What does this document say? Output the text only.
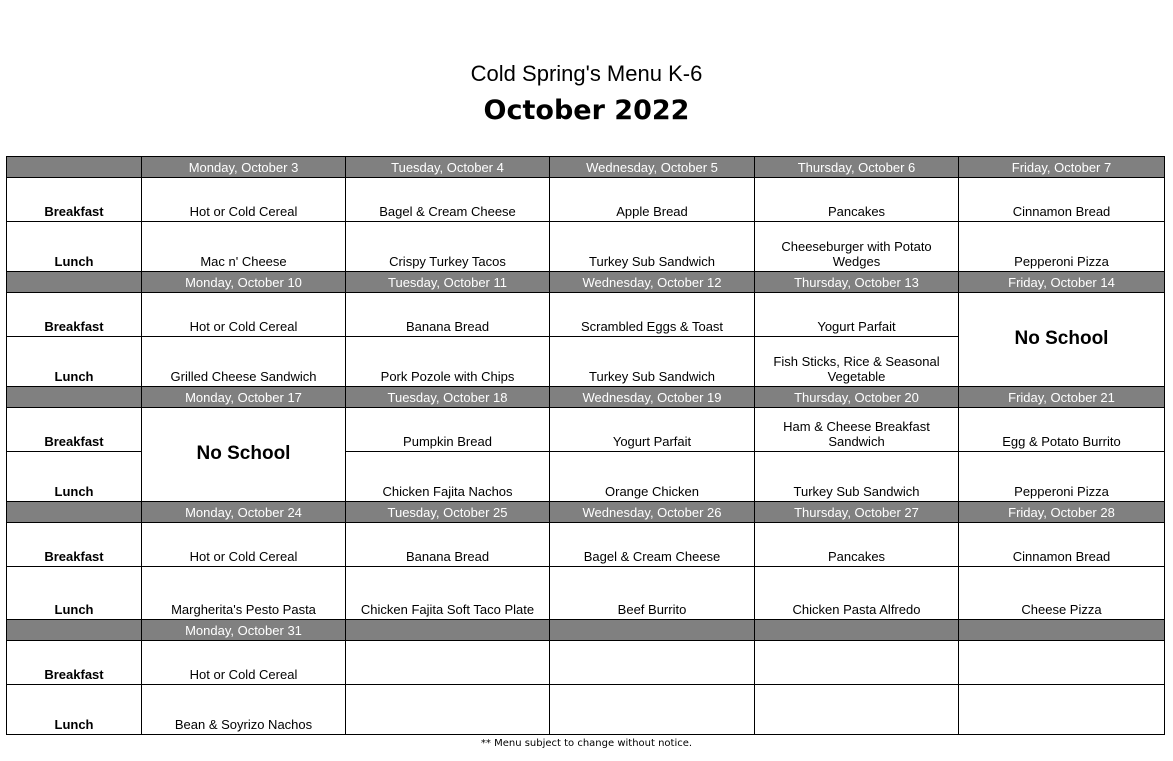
Cold Spring's Menu K-6
October 2022
	Monday, October 3	Tuesday, October 4	Wednesday, October 5	Thursday, October 6	Friday, October 7
Breakfast	Hot or Cold Cereal	Bagel & Cream Cheese	Apple Bread	Pancakes	Cinnamon Bread
Lunch	Mac n' Cheese	Crispy Turkey Tacos	Turkey Sub Sandwich	Cheeseburger with Potato Wedges	Pepperoni Pizza
	Monday, October 10	Tuesday, October 11	Wednesday, October 12	Thursday, October 13	Friday, October 14
Breakfast	Hot or Cold Cereal	Banana Bread	Scrambled Eggs & Toast	Yogurt Parfait	No School
Lunch	Grilled Cheese Sandwich	Pork Pozole with Chips	Turkey Sub Sandwich	Fish Sticks, Rice & Seasonal Vegetable	
	Monday, October 17	Tuesday, October 18	Wednesday, October 19	Thursday, October 20	Friday, October 21
Breakfast	No School	Pumpkin Bread	Yogurt Parfait	Ham & Cheese Breakfast Sandwich	Egg & Potato Burrito
Lunch		Chicken Fajita Nachos	Orange Chicken	Turkey Sub Sandwich	Pepperoni Pizza
	Monday, October 24	Tuesday, October 25	Wednesday, October 26	Thursday, October 27	Friday, October 28
Breakfast	Hot or Cold Cereal	Banana Bread	Bagel & Cream Cheese	Pancakes	Cinnamon Bread
Lunch	Margherita's Pesto Pasta	Chicken Fajita Soft Taco Plate	Beef Burrito	Chicken Pasta Alfredo	Cheese Pizza
	Monday, October 31				
Breakfast	Hot or Cold Cereal				
Lunch	Bean & Soyrizo Nachos				
** Menu subject to change without notice.
